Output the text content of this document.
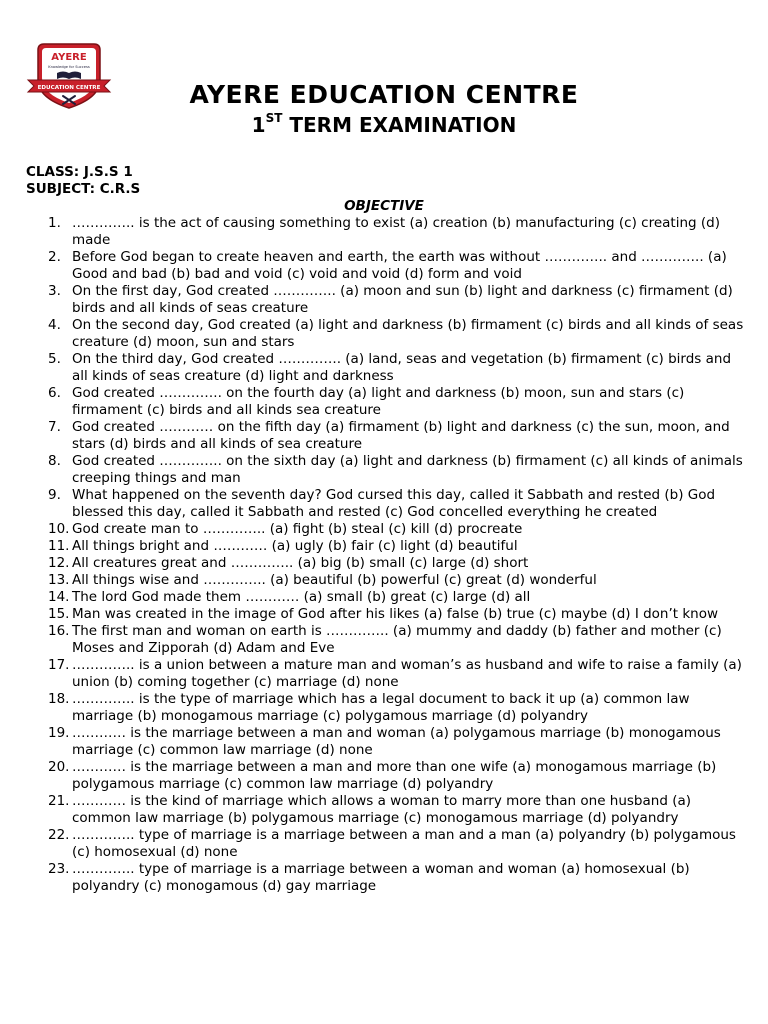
AYERE
Knowledge for Success
EDUCATION CENTRE	AYERE EDUCATION CENTRE
1ST TERM EXAMINATION
CLASS: J.S.S 1
SUBJECT: C.R.S
OBJECTIVE
1. ………….. is the act of causing something to exist (a) creation (b) manufacturing (c) creating (d) made
2. Before God began to create heaven and earth, the earth was without ………….. and ………….. (a) Good and bad (b) bad and void (c) void and void (d) form and void
3. On the first day, God created ………….. (a) moon and sun (b) light and darkness (c) firmament (d) birds and all kinds of seas creature
4. On the second day, God created (a) light and darkness (b) firmament (c) birds and all kinds of seas creature (d) moon, sun and stars
5. On the third day, God created ………….. (a) land, seas and vegetation (b) firmament (c) birds and all kinds of seas creature (d) light and darkness
6. God created ………….. on the fourth day (a) light and darkness (b) moon, sun and stars (c) firmament (c) birds and all kinds sea creature
7. God created ………… on the fifth day (a) firmament (b) light and darkness (c) the sun, moon, and stars (d) birds and all kinds of sea creature
8. God created ………….. on the sixth day (a) light and darkness (b) firmament (c) all kinds of animals creeping things and man
9. What happened on the seventh day? God cursed this day, called it Sabbath and rested (b) God blessed this day, called it Sabbath and rested (c) God concelled everything he created
10. God create man to ………….. (a) fight (b) steal (c) kill (d) procreate
11. All things bright and ………… (a) ugly (b) fair (c) light (d) beautiful
12. All creatures great and ………….. (a) big (b) small (c) large (d) short
13. All things wise and ………….. (a) beautiful (b) powerful (c) great (d) wonderful
14. The lord God made them ………… (a) small (b) great (c) large (d) all
15. Man was created in the image of God after his likes (a) false (b) true (c) maybe (d) I don’t know
16. The first man and woman on earth is ………….. (a) mummy and daddy (b) father and mother (c) Moses and Zipporah (d) Adam and Eve
17. ………….. is a union between a mature man and woman’s as husband and wife to raise a family (a) union (b) coming together (c) marriage (d) none
18. ………….. is the type of marriage which has a legal document to back it up (a) common law marriage (b) monogamous marriage (c) polygamous marriage (d) polyandry
19. ………… is the marriage between a man and woman (a) polygamous marriage (b) monogamous marriage (c) common law marriage (d) none
20. ………… is the marriage between a man and more than one wife (a) monogamous marriage (b) polygamous marriage (c) common law marriage (d) polyandry
21. ………… is the kind of marriage which allows a woman to marry more than one husband (a) common law marriage (b) polygamous marriage (c) monogamous marriage (d) polyandry
22. ………….. type of marriage is a marriage between a man and a man (a) polyandry (b) polygamous (c) homosexual (d) none
23. ………….. type of marriage is a marriage between a woman and woman (a) homosexual (b) polyandry (c) monogamous (d) gay marriage
